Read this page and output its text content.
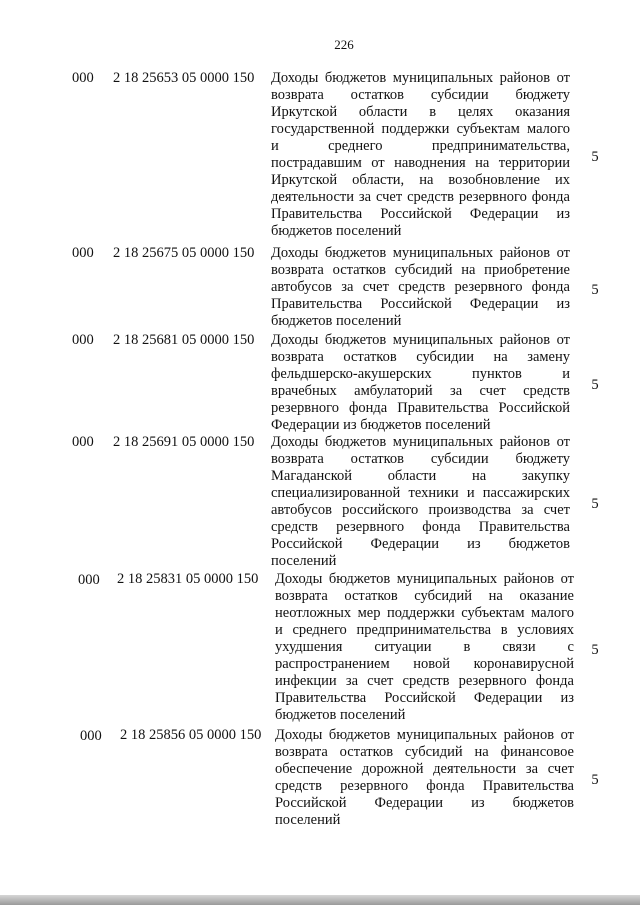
226
000	2 18 25653 05 0000 150	Доходы бюджетов муниципальных районов от
возврата остатков субсидии бюджету
Иркутской области в целях оказания
государственной поддержки субъектам малого
и среднего предпринимательства,
пострадавшим от наводнения на территории
Иркутской области, на возобновление их
деятельности за счет средств резервного фонда
Правительства Российской Федерации из
бюджетов поселений
5
000	2 18 25675 05 0000 150	Доходы бюджетов муниципальных районов от
возврата остатков субсидий на приобретение
автобусов за счет средств резервного фонда
Правительства Российской Федерации из
бюджетов поселений
5
000	2 18 25681 05 0000 150	Доходы бюджетов муниципальных районов от
возврата остатков субсидии на замену
фельдшерско-акушерских пунктов и
врачебных амбулаторий за счет средств
резервного фонда Правительства Российской
Федерации из бюджетов поселений
5
000	2 18 25691 05 0000 150	Доходы бюджетов муниципальных районов от
возврата остатков субсидии бюджету
Магаданской области на закупку
специализированной техники и пассажирских
автобусов российского производства за счет
средств резервного фонда Правительства
Российской Федерации из бюджетов
поселений
5
000	2 18 25831 05 0000 150	Доходы бюджетов муниципальных районов от
возврата остатков субсидий на оказание
неотложных мер поддержки субъектам малого
и среднего предпринимательства в условиях
ухудшения ситуации в связи с
распространением новой коронавирусной
инфекции за счет средств резервного фонда
Правительства Российской Федерации из
бюджетов поселений
5
000	2 18 25856 05 0000 150 Доходы бюджетов муниципальных районов от
возврата остатков субсидий на финансовое
обеспечение дорожной деятельности за счет
средств резервного фонда Правительства
Российской Федерации из бюджетов
поселений
5
